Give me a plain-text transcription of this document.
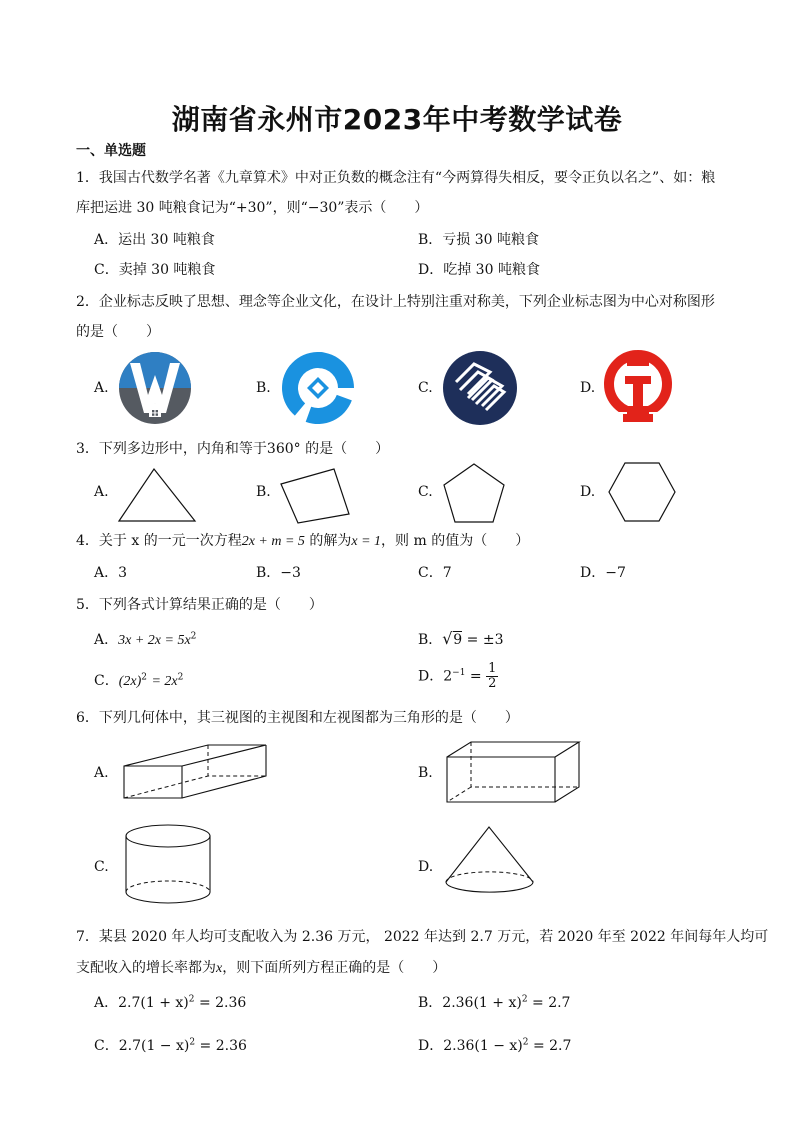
湖南省永州市2023年中考数学试卷
一、单选题
1．我国古代数学名著《九章算术》中对正负数的概念注有“今两算得失相反，要令正负以名之”、如：粮
库把运进 30 吨粮食记为“+30”，则“−30”表示（　　）
A．运出 30 吨粮食	B．亏损 30 吨粮食
C．卖掉 30 吨粮食	D．吃掉 30 吨粮食
2．企业标志反映了思想、理念等企业文化，在设计上特别注重对称美，下列企业标志图为中心对称图形
的是（　　）
A.	B.	C.	D.
3．下列多边形中，内角和等于360° 的是（　　）
A.	B.	C.	D.
4．关于 x 的一元一次方程2x + m = 5 的解为x = 1，则 m 的值为（　　）
A．3	B．−3	C．7	D．−7
5．下列各式计算结果正确的是（　　）
A．$3x + 2x = 5x^2$	B． √ 9 = ±3
C．$(2x)^2 = 2x^2$	D．$2^{-1} = \frac{1}{2}$
6．下列几何体中，其三视图的主视图和左视图都为三角形的是（　　）
A.	B.
C.	D.
7．某县 2020 年人均可支配收入为 2.36 万元， 2022 年达到 2.7 万元，若 2020 年至 2022 年间每年人均可
支配收入的增长率都为x，则下面所列方程正确的是（　　）
A．$2.7(1 + x)^2 = 2.36$	B．$2.36(1 + x)^2 = 2.7$
C．$2.7(1 - x)^2 = 2.36$	D．$2.36(1 - x)^2 = 2.7$
